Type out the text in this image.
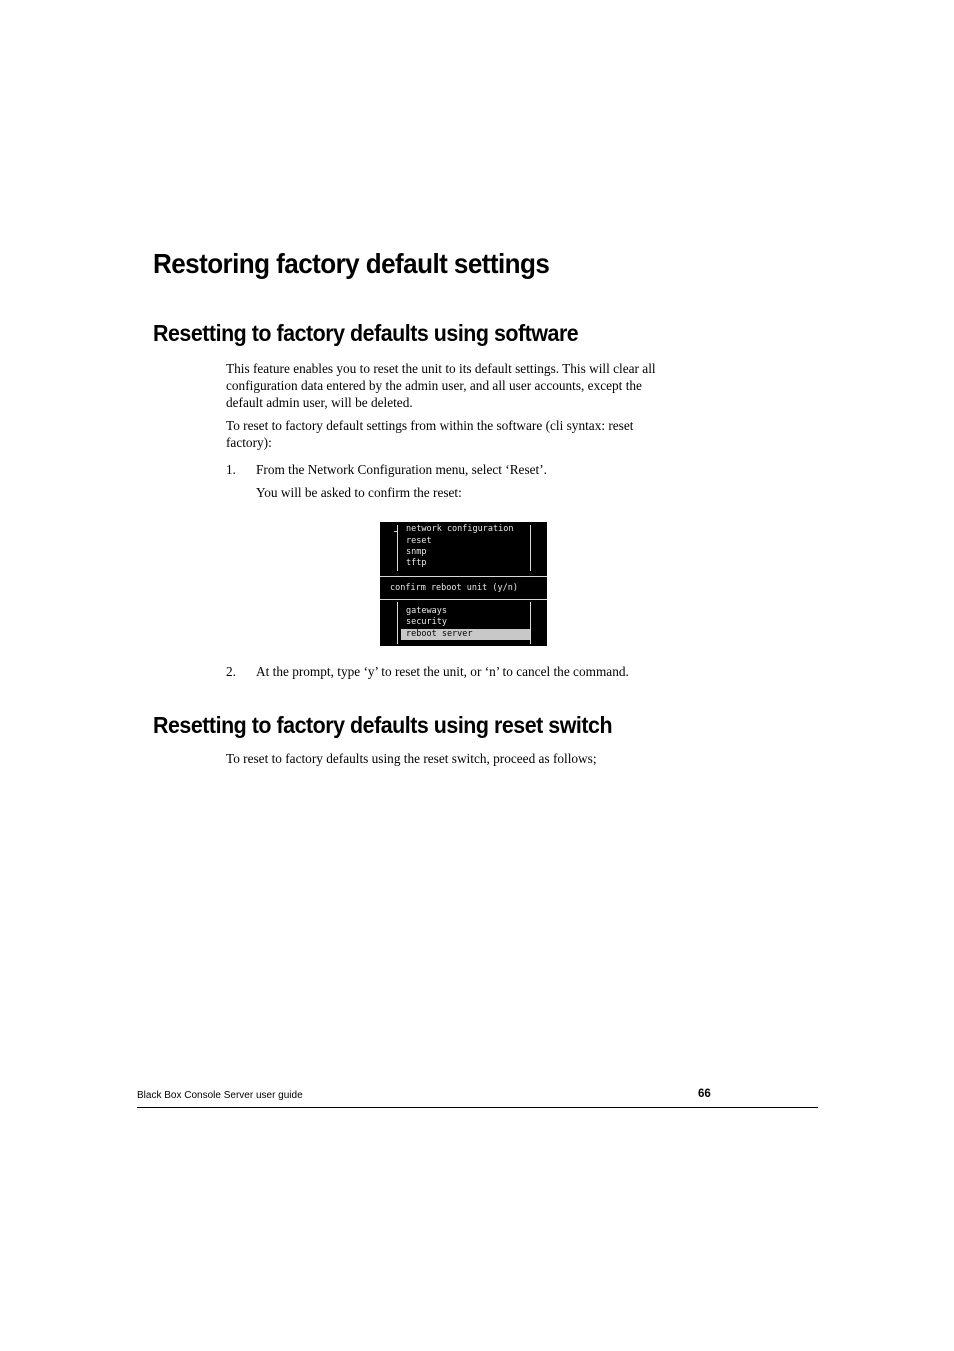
Restoring factory default settings
Resetting to factory defaults using software

This feature enables you to reset the unit to its default settings. This will clear all
configuration data entered by the admin user, and all user accounts, except the
default admin user, will be deleted.

To reset to factory default settings from within the software (cli syntax: reset
factory):

1. From the Network Configuration menu, select ‘Reset’.
You will be asked to confirm the reset:
network configuration
reset
snmp
tftp
confirm reboot unit (y/n)
gateways
security
reboot server
2. At the prompt, type ‘y’ to reset the unit, or ‘n’ to cancel the command.
Resetting to factory defaults using reset switch

To reset to factory defaults using the reset switch, proceed as follows;

Black Box Console Server user guide	66
